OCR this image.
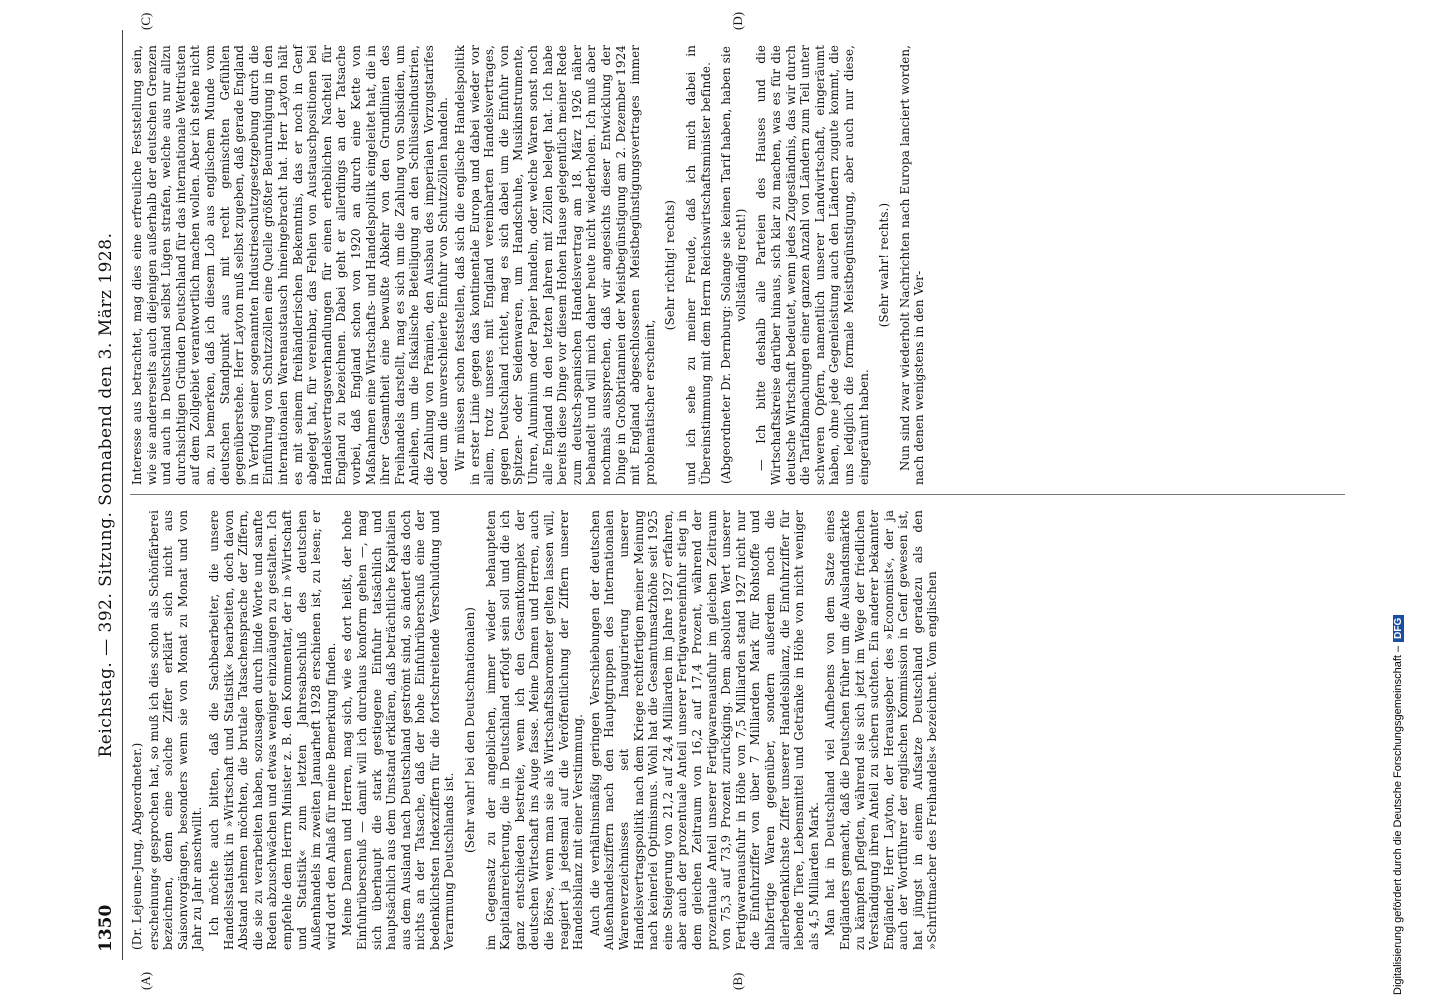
1350
Reichstag. — 392. Sitzung. Sonnabend den 3. März 1928.
(A)	(B)
(C)	(D)

(Dr. Lejeune-Jung, Abgeordneter.) erscheinung« gesprochen hat, so muß ich dies schon als Schönfärberei bezeichnen, denn eine solche Ziffer erklärt sich nicht aus Saisonvorgängen, besonders wenn sie von Monat zu Monat und von Jahr zu Jahr anschwillt. Ich möchte auch bitten, daß die Sachbearbeiter, die unsere Handelsstatistik in »Wirtschaft und Statistik« bearbeiten, doch davon Abstand nehmen möchten, die brutale Tatsachensprache der Ziffern, die sie zu verarbeiten haben, sozusagen durch linde Worte und sanfte Reden abzuschwächen und etwas weniger einzuäugen zu gestalten. Ich empfehle dem Herrn Minister z. B. den Kommentar, der in »Wirtschaft und Statistik« zum letzten Jahresabschluß des deutschen Außenhandels im zweiten Januarheft 1928 erschienen ist, zu lesen; er wird dort den Anlaß für meine Bemerkung finden. Meine Damen und Herren, mag sich, wie es dort heißt, der hohe Einfuhrüberschuß — damit will ich durchaus konform gehen —, mag sich überhaupt die stark gestiegene Einfuhr tatsächlich und hauptsächlich aus dem Umstand erklären, daß beträchtliche Kapitalien aus dem Ausland nach Deutschland geströmt sind, so ändert das doch nichts an der Tatsache, daß der hohe Einfuhrüberschuß eine der bedenklichsten Indexziffern für die fortschreitende Verschuldung und Verarmung Deutschlands ist.

(Sehr wahr! bei den Deutschnationalen) im Gegensatz zu der angeblichen, immer wieder behaupteten Kapitalanreicherung, die in Deutschland erfolgt sein soll und die ich ganz entschieden bestreite, wenn ich den Gesamtkomplex der deutschen Wirtschaft ins Auge fasse. Meine Damen und Herren, auch die Börse, wenn man sie als Wirtschaftsbarometer gelten lassen will, reagiert ja jedesmal auf die Veröffentlichung der Ziffern unserer Handelsbilanz mit einer Verstimmung. Auch die verhältnismäßig geringen Verschiebungen der deutschen Außenhandelsziffern nach den Hauptgruppen des Internationalen Warenverzeichnisses seit Inaugurierung unserer Handelsvertragspolitik nach dem Kriege rechtfertigen meiner Meinung nach keinerlei Optimismus. Wohl hat die Gesamtumsatzhöhe seit 1925 eine Steigerung von 21,2 auf 24,4 Milliarden im Jahre 1927 erfahren, aber auch der prozentuale Anteil unserer Fertigwareneinfuhr stieg in dem gleichen Zeitraum von 16,2 auf 17,4 Prozent, während der prozentuale Anteil unserer Fertigwarenausfuhr im gleichen Zeitraum von 75,3 auf 73,9 Prozent zurückging. Dem absoluten Wert unserer Fertigwarenausfuhr in Höhe von 7,5 Milliarden stand 1927 nicht nur die Einfuhrziffer von über 7 Milliarden Mark für Rohstoffe und halbfertige Waren gegenüber, sondern außerdem noch die allerbedenklichste Ziffer unserer Handelsbilanz, die Einfuhrziffer für lebende Tiere, Lebensmittel und Getränke in Höhe von nicht weniger als 4,5 Milliarden Mark. Man hat in Deutschland viel Aufhebens von dem Satze eines Engländers gemacht, daß die Deutschen früher um die Auslandsmärkte zu kämpfen pflegten, während sie sich jetzt im Wege der friedlichen Verständigung ihren Anteil zu sichern suchten. Ein anderer bekannter Engländer, Herr Layton, der Herausgeber des »Economist«, der ja auch der Wortführer der englischen Kommission in Genf gewesen ist, hat jüngst in einem Aufsatze Deutschland geradezu als den »Schrittmacher des Freihandels« bezeichnet. Vom englischen

Interesse aus betrachtet, mag dies eine erfreuliche Feststellung sein, wie sie andererseits auch diejenigen außerhalb der deutschen Grenzen und auch in Deutschland selbst Lügen strafen, welche aus nur allzu durchsichtigen Gründen Deutschland für das internationale Wettrüsten auf dem Zollgebiet verantwortlich machen wollen. Aber ich stehe nicht an, zu bemerken, daß ich diesem Lob aus englischem Munde vom deutschen Standpunkt aus mit recht gemischten Gefühlen gegenüberstehe. Herr Layton muß selbst zugeben, daß gerade England in Verfolg seiner sogenannten Industrieschutzgesetzgebung durch die Einführung von Schutzzöllen eine Quelle größter Beunruhigung in den internationalen Warenaustausch hineingebracht hat. Herr Layton hält es mit seinem freihändlerischen Bekenntnis, das er noch in Genf abgelegt hat, für vereinbar, das Fehlen von Austauschpositionen bei Handelsvertragsverhandlungen für einen erheblichen Nachteil für England zu bezeichnen. Dabei geht er allerdings an der Tatsache vorbei, daß England schon von 1920 an durch eine Kette von Maßnahmen eine Wirtschafts- und Handelspolitik eingeleitet hat, die in ihrer Gesamtheit eine bewußte Abkehr von den Grundlinien des Freihandels darstellt, mag es sich um die Zahlung von Subsidien, um Anleihen, um die fiskalische Beteiligung an den Schlüsselindustrien, die Zahlung von Prämien, den Ausbau des imperialen Vorzugstarifes oder um die unverschleierte Einfuhr von Schutzzöllen handeln. Wir müssen schon feststellen, daß sich die englische Handelspolitik in erster Linie gegen das kontinentale Europa und dabei wieder vor allem, trotz unseres mit England vereinbarten Handelsvertrages, gegen Deutschland richtet, mag es sich dabei um die Einfuhr von Spitzen- oder Seidenwaren, um Handschuhe, Musikinstrumente, Uhren, Aluminium oder Papier handeln, oder welche Waren sonst noch alle England in den letzten Jahren mit Zöllen belegt hat. Ich habe bereits diese Dinge vor diesem Hohen Hause gelegentlich meiner Rede zum deutsch-spanischen Handelsvertrag am 18. März 1926 näher behandelt und will mich daher heute nicht wiederholen. Ich muß aber nochmals aussprechen, daß wir angesichts dieser Entwicklung der Dinge in Großbritannien der Meistbegünstigung am 2. Dezember 1924 mit England abgeschlossenen Meistbegünstigungsvertrages immer problematischer erscheint,

(Sehr richtig! rechts) und ich sehe zu meiner Freude, daß ich mich dabei in Übereinstimmung mit dem Herrn Reichswirtschaftsminister befinde. (Abgeordneter Dr. Dernburg: Solange sie keinen Tarif haben, haben sie vollständig recht!) — Ich bitte deshalb alle Parteien des Hauses und die Wirtschaftskreise darüber hinaus, sich klar zu machen, was es für die deutsche Wirtschaft bedeutet, wenn jedes Zugeständnis, das wir durch die Tarifabmachungen einer ganzen Anzahl von Ländern zum Teil unter schweren Opfern, namentlich unserer Landwirtschaft, eingeräumt haben, ohne jede Gegenleistung auch den Ländern zugute kommt, die uns lediglich die formale Meistbegünstigung, aber auch nur diese, eingeräumt haben.

(Sehr wahr! rechts.) Nun sind zwar wiederholt Nachrichten nach Europa lanciert worden, nach denen wenigstens in den Ver-

Digitalisierung gefördert durch die Deutsche Forschungsgemeinschaft –DFG
